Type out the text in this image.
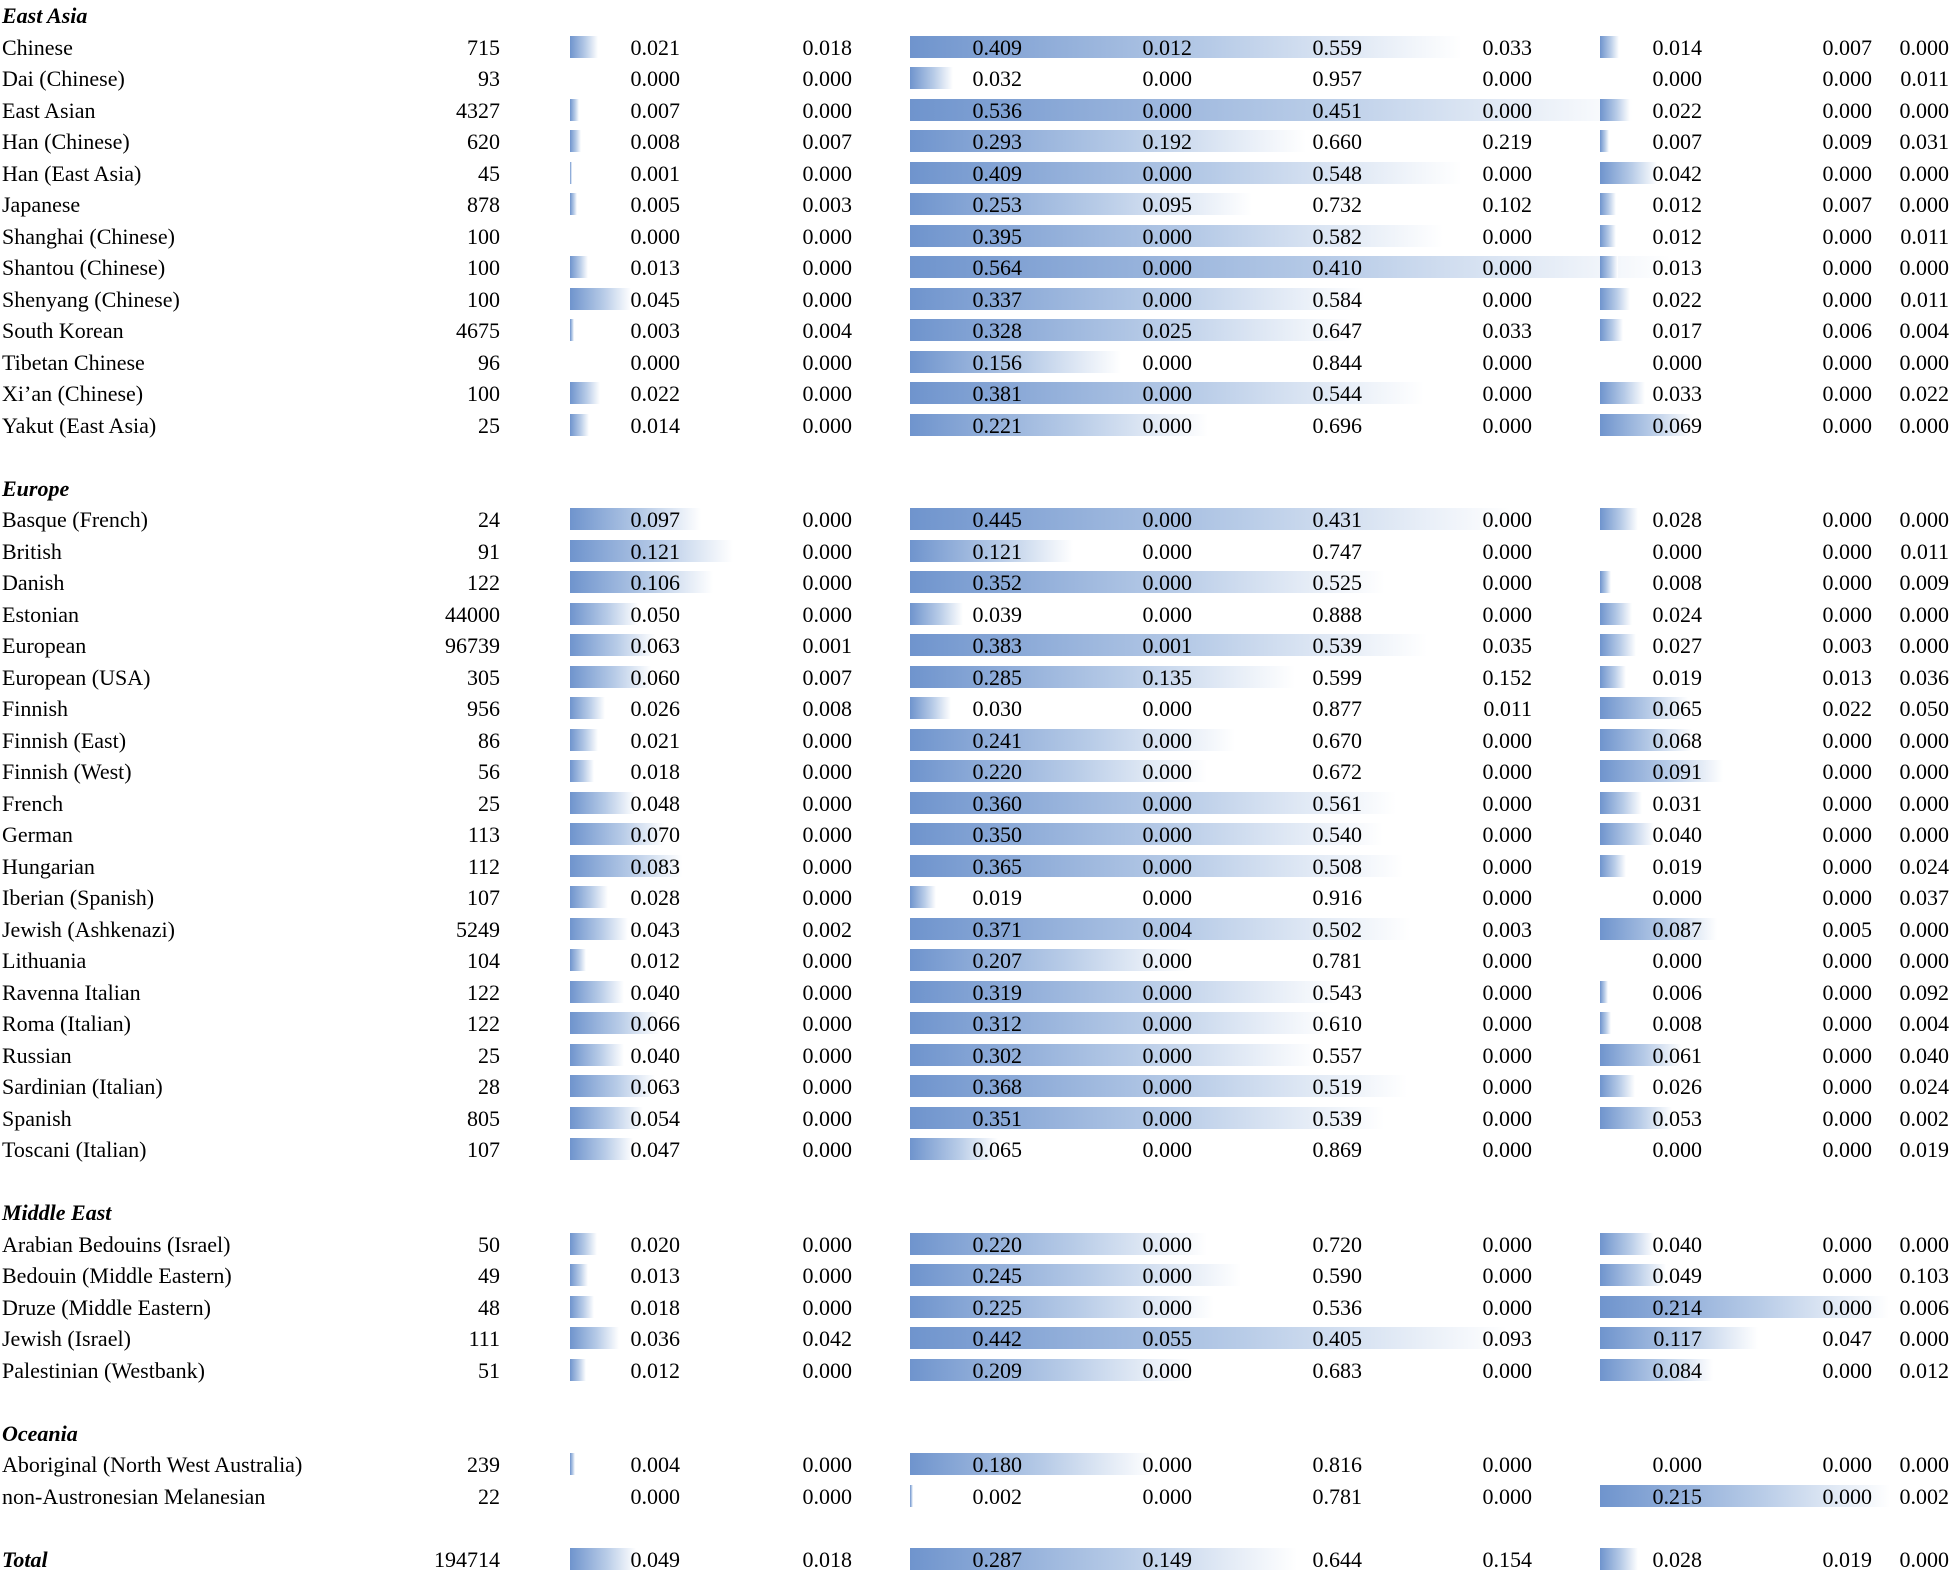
East Asia
Chinese	715	0.021	0.018	0.409	0.012	0.559	0.033	0.014	0.007	0.000
Dai (Chinese)	93	0.000	0.000	0.032	0.000	0.957	0.000	0.000	0.000	0.011
East Asian	4327	0.007	0.000	0.536	0.000	0.451	0.000	0.022	0.000	0.000
Han (Chinese)	620	0.008	0.007	0.293	0.192	0.660	0.219	0.007	0.009	0.031
Han (East Asia)	45	0.001	0.000	0.409	0.000	0.548	0.000	0.042	0.000	0.000
Japanese	878	0.005	0.003	0.253	0.095	0.732	0.102	0.012	0.007	0.000
Shanghai (Chinese)	100	0.000	0.000	0.395	0.000	0.582	0.000	0.012	0.000	0.011
Shantou (Chinese)	100	0.013	0.000	0.564	0.000	0.410	0.000	0.013	0.000	0.000
Shenyang (Chinese)	100	0.045	0.000	0.337	0.000	0.584	0.000	0.022	0.000	0.011
South Korean	4675	0.003	0.004	0.328	0.025	0.647	0.033	0.017	0.006	0.004
Tibetan Chinese	96	0.000	0.000	0.156	0.000	0.844	0.000	0.000	0.000	0.000
Xi’an (Chinese)	100	0.022	0.000	0.381	0.000	0.544	0.000	0.033	0.000	0.022
Yakut (East Asia)	25	0.014	0.000	0.221	0.000	0.696	0.000	0.069	0.000	0.000
Europe
Basque (French)	24	0.097	0.000	0.445	0.000	0.431	0.000	0.028	0.000	0.000
British	91	0.121	0.000	0.121	0.000	0.747	0.000	0.000	0.000	0.011
Danish	122	0.106	0.000	0.352	0.000	0.525	0.000	0.008	0.000	0.009
Estonian	44000	0.050	0.000	0.039	0.000	0.888	0.000	0.024	0.000	0.000
European	96739	0.063	0.001	0.383	0.001	0.539	0.035	0.027	0.003	0.000
European (USA)	305	0.060	0.007	0.285	0.135	0.599	0.152	0.019	0.013	0.036
Finnish	956	0.026	0.008	0.030	0.000	0.877	0.011	0.065	0.022	0.050
Finnish (East)	86	0.021	0.000	0.241	0.000	0.670	0.000	0.068	0.000	0.000
Finnish (West)	56	0.018	0.000	0.220	0.000	0.672	0.000	0.091	0.000	0.000
French	25	0.048	0.000	0.360	0.000	0.561	0.000	0.031	0.000	0.000
German	113	0.070	0.000	0.350	0.000	0.540	0.000	0.040	0.000	0.000
Hungarian	112	0.083	0.000	0.365	0.000	0.508	0.000	0.019	0.000	0.024
Iberian (Spanish)	107	0.028	0.000	0.019	0.000	0.916	0.000	0.000	0.000	0.037
Jewish (Ashkenazi)	5249	0.043	0.002	0.371	0.004	0.502	0.003	0.087	0.005	0.000
Lithuania	104	0.012	0.000	0.207	0.000	0.781	0.000	0.000	0.000	0.000
Ravenna Italian	122	0.040	0.000	0.319	0.000	0.543	0.000	0.006	0.000	0.092
Roma (Italian)	122	0.066	0.000	0.312	0.000	0.610	0.000	0.008	0.000	0.004
Russian	25	0.040	0.000	0.302	0.000	0.557	0.000	0.061	0.000	0.040
Sardinian (Italian)	28	0.063	0.000	0.368	0.000	0.519	0.000	0.026	0.000	0.024
Spanish	805	0.054	0.000	0.351	0.000	0.539	0.000	0.053	0.000	0.002
Toscani (Italian)	107	0.047	0.000	0.065	0.000	0.869	0.000	0.000	0.000	0.019
Middle East
Arabian Bedouins (Israel)	50	0.020	0.000	0.220	0.000	0.720	0.000	0.040	0.000	0.000
Bedouin (Middle Eastern)	49	0.013	0.000	0.245	0.000	0.590	0.000	0.049	0.000	0.103
Druze (Middle Eastern)	48	0.018	0.000	0.225	0.000	0.536	0.000	0.214	0.000	0.006
Jewish (Israel)	111	0.036	0.042	0.442	0.055	0.405	0.093	0.117	0.047	0.000
Palestinian (Westbank)	51	0.012	0.000	0.209	0.000	0.683	0.000	0.084	0.000	0.012
Oceania
Aboriginal (North West Australia)	239	0.004	0.000	0.180	0.000	0.816	0.000	0.000	0.000	0.000
non-Austronesian Melanesian	22	0.000	0.000	0.002	0.000	0.781	0.000	0.215	0.000	0.002
Total	194714	0.049	0.018	0.287	0.149	0.644	0.154	0.028	0.019	0.000
